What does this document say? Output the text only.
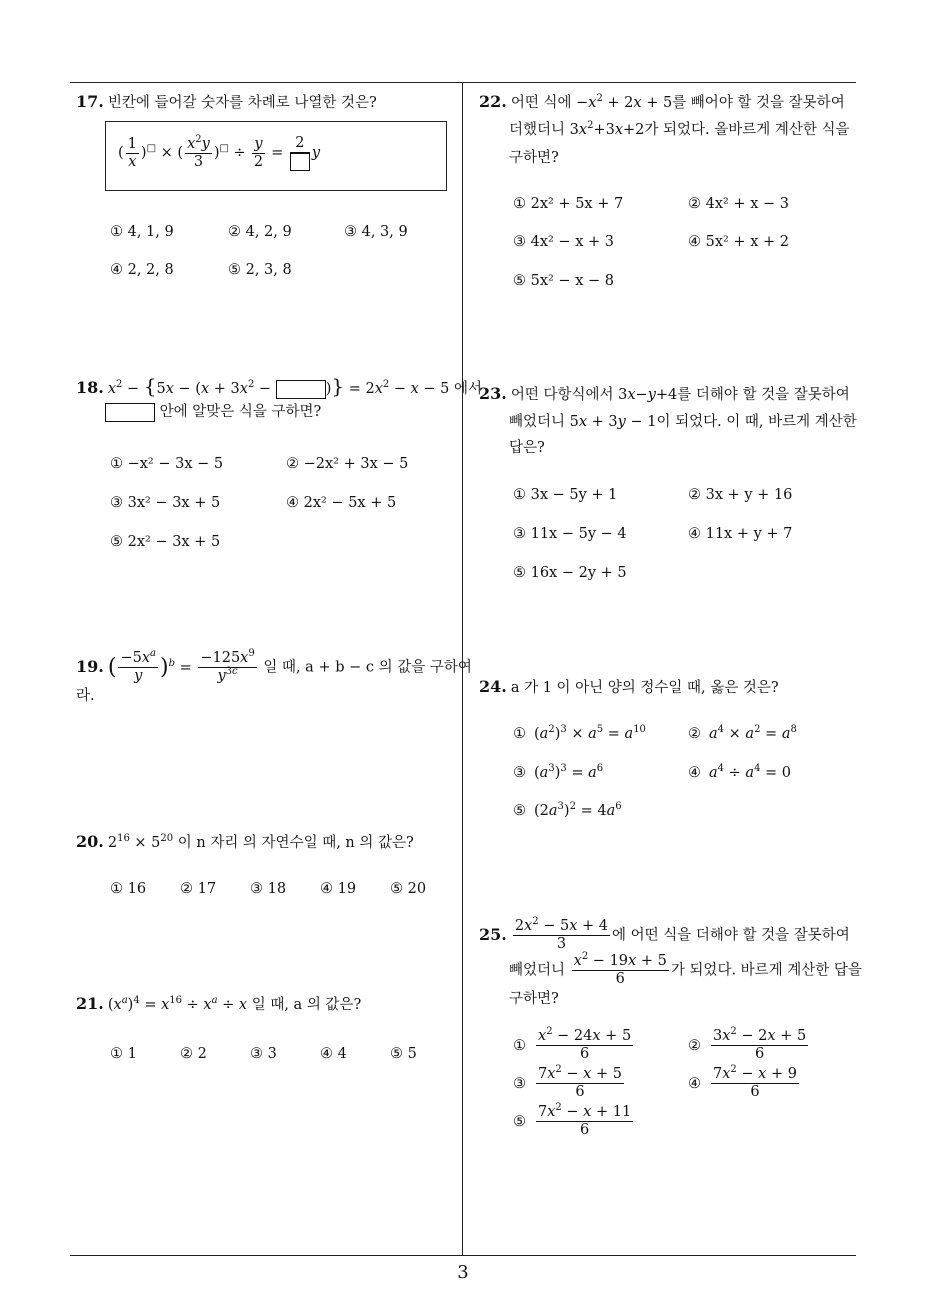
17. 빈칸에 들어갈 숫자를 차례로 나열한 것은?
( $\frac{1}{x} )^□$ × ( $\frac{x^2y}{3} )^□ \div \frac{y}{2}$ =
2
y
① 4, 1, 9	② 4, 2, 9	③ 4, 3, 9
④ 2, 2, 8	⑤ 2, 3, 8
18. $x^2 - \{5x - (x + 3x^2$ −	)} = $2x^2 - x - 5$ 에서
안에 알맞은 식을 구하면?
① −x² − 3x − 5	② −2x² + 3x − 5
③ 3x² − 3x + 5	④ 2x² − 5x + 5
⑤ 2x² − 3x + 5
19. ( $\frac{-5x^a}{y} )^b = \frac{-125x^9}{y^{3c}}$ 일 때, a + b − c 의 값을 구하여
라.
20. $2^{16} \times 5^{20}$ 이 n 자리 의 자연수일 때, n 의 값은?
① 16 ② 17 ③ 18 ④ 19 ⑤ 20
21. $(x^a)^4 = x^{16} \div x^a \div x$ 일 때, a 의 값은?
① 1	② 2	③ 3	④ 4	⑤ 5
22. 어떤 식에 $-x^2 + 2x + 5$를 빼어야 할 것을 잘못하여
더했더니 $3x^2+3x+2$가 되었다. 올바르게 계산한 식을
구하면?
① 2x² + 5x + 7	② 4x² + x − 3
③ 4x² − x + 3	④ 5x² + x + 2
⑤ 5x² − x − 8
23. 어떤 다항식에서 3x−y+4를 더해야 할 것을 잘못하여
빼었더니 5x + 3y − 1이 되었다. 이 때, 바르게 계산한
답은?
① 3x − 5y + 1	② 3x + y + 16
③ 11x − 5y − 4	④ 11x + y + 7
⑤ 16x − 2y + 5
24. a 가 1 이 아닌 양의 정수일 때, 옳은 것은?
① $(a^2)^3 \times a^5 = a^{10}$	② $a^4 \times a^2 = a^8$
③ $(a^3)^3 = a^6$	④ $a^4 \div a^4 = 0$
⑤ $(2a^3)^2 = 4a^6$
25. $\frac{2x^2 - 5x + 4}{3}$ 에 어떤 식을 더해야 할 것을 잘못하여
빼었더니 $\frac{x^2 - 19x + 5}{6}$ 가 되었다. 바르게 계산한 답을
구하면?
① $\frac{x^2 - 24x + 5}{6}$	② $\frac{3x^2 - 2x + 5}{6}$
③ $\frac{7x^2 - x + 5}{6}$	④ $\frac{7x^2 - x + 9}{6}$
⑤ $\frac{7x^2 - x + 11}{6}$
3
